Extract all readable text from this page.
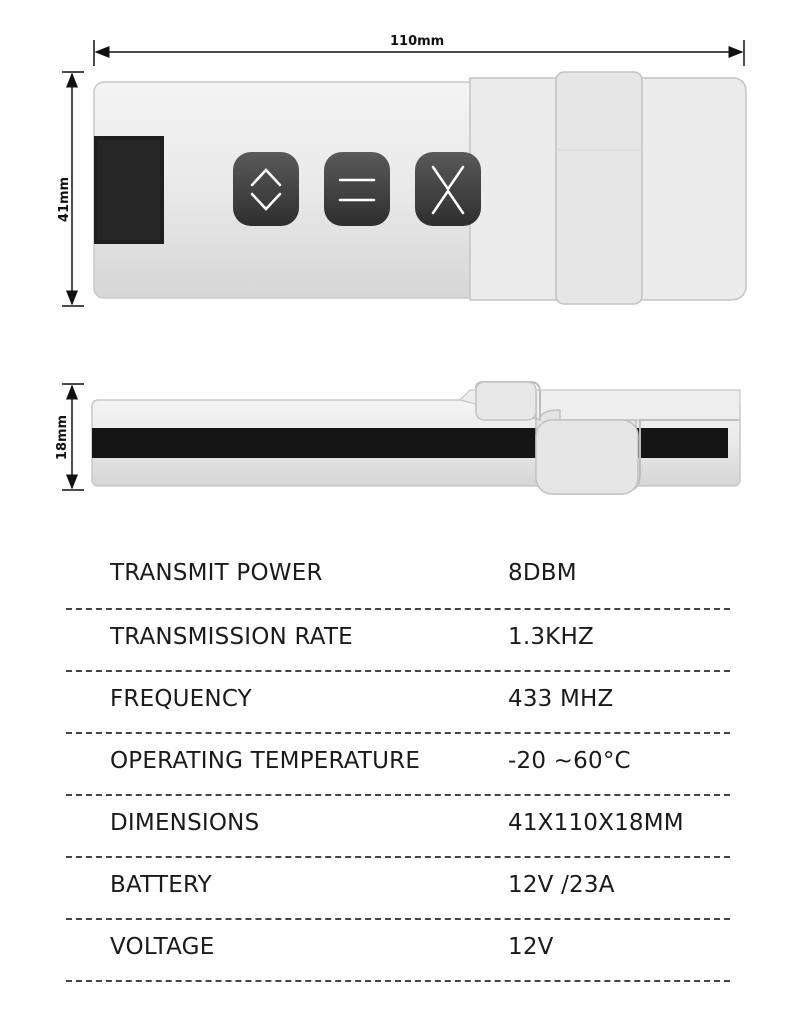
110mm
41mm
18mm
TRANSMIT POWER	8DBM
TRANSMISSION RATE	1.3KHZ
FREQUENCY	433 MHZ
OPERATING TEMPERATURE	-20 ~60°C
DIMENSIONS	41X110X18MM
BATTERY	12V /23A
VOLTAGE	12V
